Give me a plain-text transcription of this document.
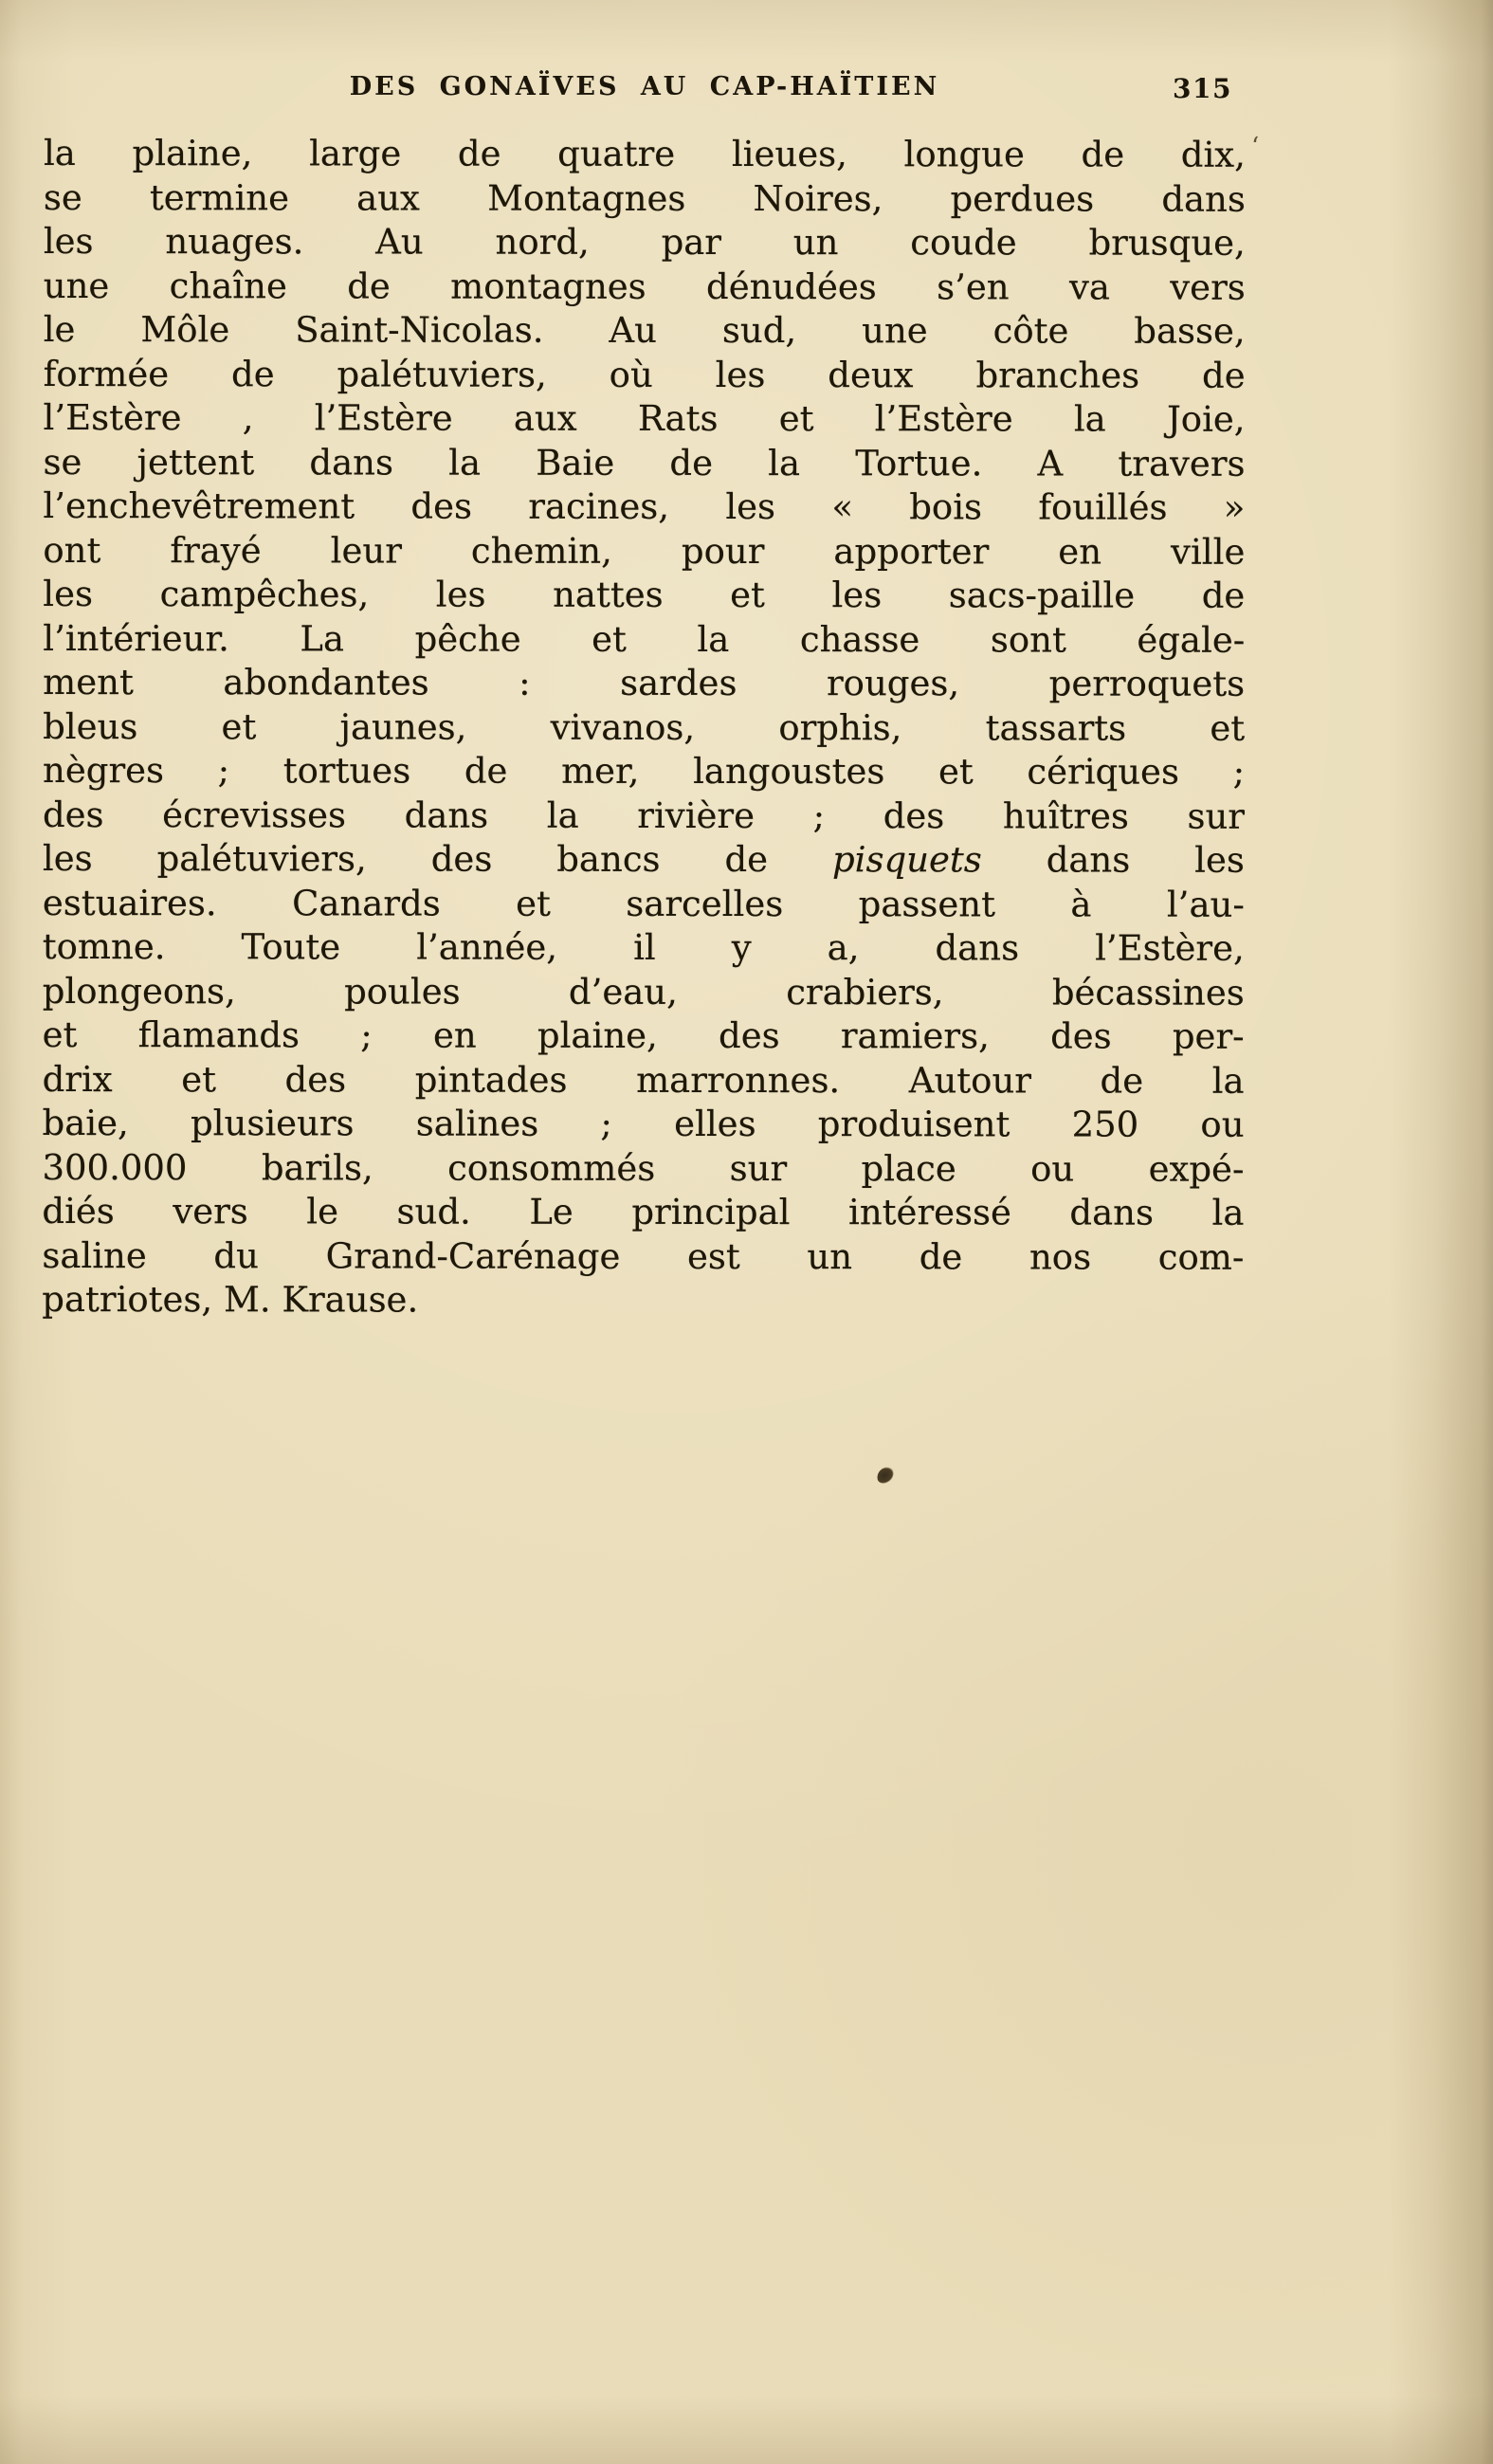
DES GONAÏVES AU CAP-HAÏTIEN	315
‘
la plaine, large de quatre lieues, longue de dix,
se termine aux Montagnes Noires, perdues dans
les nuages. Au nord, par un coude brusque,
une chaîne de montagnes dénudées s’en va vers
le Môle Saint-Nicolas. Au sud, une côte basse,
formée de palétuviers, où les deux branches de
l’Estère , l’Estère aux Rats et l’Estère la Joie,
se jettent dans la Baie de la Tortue. A travers
l’enchevêtrement des racines, les « bois fouillés »
ont frayé leur chemin, pour apporter en ville
les campêches, les nattes et les sacs-paille de
l’intérieur. La pêche et la chasse sont égale-
ment abondantes : sardes rouges, perroquets
bleus et jaunes, vivanos, orphis, tassarts et
nègres ; tortues de mer, langoustes et cériques ;
des écrevisses dans la rivière ; des huîtres sur
les palétuviers, des bancs de pisquets dans les
estuaires. Canards et sarcelles passent à l’au-
tomne. Toute l’année, il y a, dans l’Estère,
plongeons, poules d’eau, crabiers, bécassines
et flamands ; en plaine, des ramiers, des per-
drix et des pintades marronnes. Autour de la
baie, plusieurs salines ; elles produisent 250 ou
300.000 barils, consommés sur place ou expé-
diés vers le sud. Le principal intéressé dans la
saline du Grand-Carénage est un de nos com-
patriotes, M. Krause.
